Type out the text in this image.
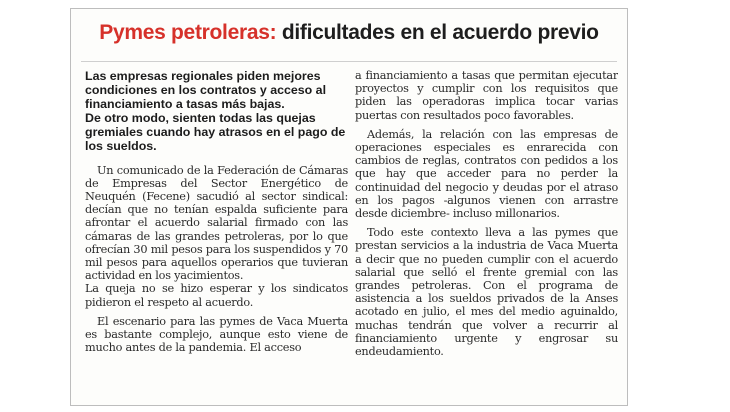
Pymes petroleras: dificultades en el acuerdo previo

Las empresas regionales piden mejores condiciones en los contratos y acceso al financiamiento a tasas más bajas.

De otro modo, sienten todas las quejas gremiales cuando hay atrasos en el pago de los sueldos.

Un comunicado de la Federación de Cámaras de Empresas del Sector Energético de Neuquén (Fecene) sacudió al sector sindical: decían que no tenían espalda suficiente para afrontar el acuerdo salarial firmado con las cámaras de las grandes petroleras, por lo que ofrecían 30 mil pesos para los suspendidos y 70 mil pesos para aquellos operarios que tuvieran actividad en los yacimientos.

La queja no se hizo esperar y los sindicatos pidieron el respeto al acuerdo.

El escenario para las pymes de Vaca Muerta es bastante complejo, aunque esto viene de mucho antes de la pandemia. El acceso

a financiamiento a tasas que permitan ejecutar proyectos y cumplir con los requisitos que piden las operadoras implica tocar varias puertas con resultados poco favorables.

Además, la relación con las empresas de operaciones especiales es enrarecida con cambios de reglas, contratos con pedidos a los que hay que acceder para no perder la continuidad del negocio y deudas por el atraso en los pagos -algunos vienen con arrastre desde diciembre- incluso millonarios.

Todo este contexto lleva a las pymes que prestan servicios a la industria de Vaca Muerta a decir que no pueden cumplir con el acuerdo salarial que selló el frente gremial con las grandes petroleras. Con el programa de asistencia a los sueldos privados de la Anses acotado en julio, el mes del medio aguinaldo, muchas tendrán que volver a recurrir al financiamiento urgente y engrosar su endeudamiento.
